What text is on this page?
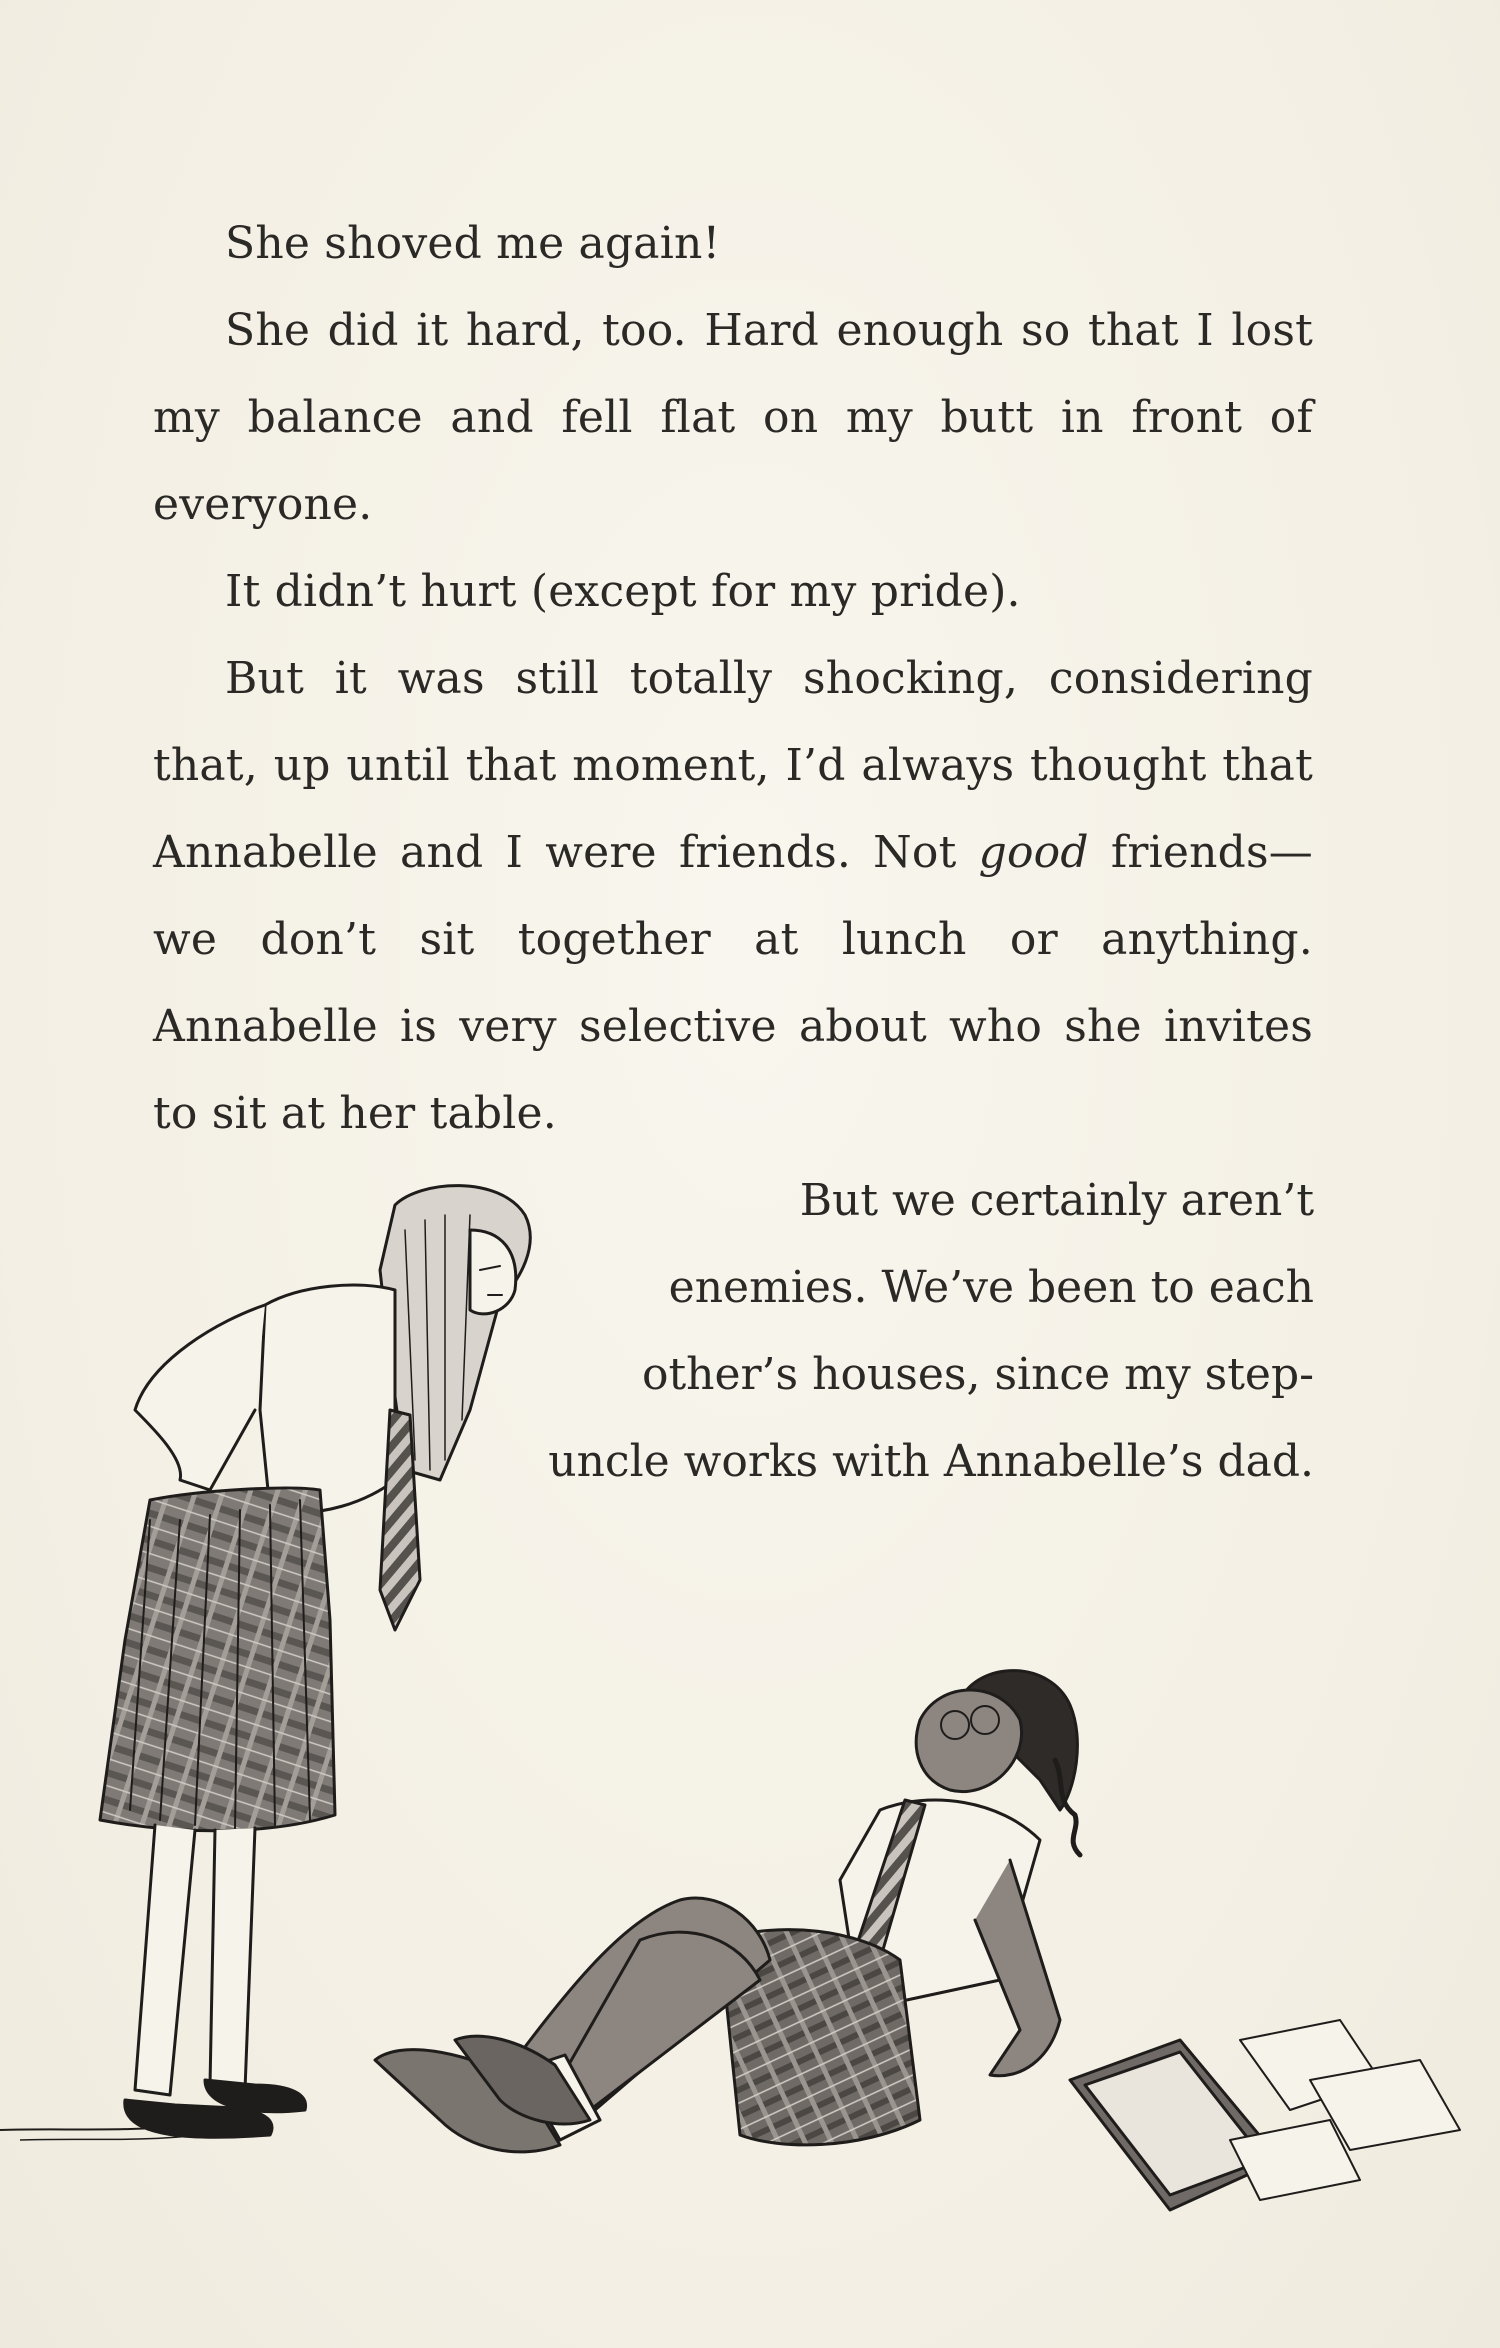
She shoved me again!

She did it hard, too. Hard enough so that I lost my balance and fell flat on my butt in front of everyone.

It didn’t hurt (except for my pride).

But it was still totally shocking, considering that, up until that moment, I’d always thought that Annabelle and I were friends. Not good friends—we don’t sit together at lunch or anything. Annabelle is very selective about who she invites to sit at her table.

But we certainly aren’t
enemies. We’ve been to each
other’s houses, since my step-
uncle works with Annabelle’s dad.
